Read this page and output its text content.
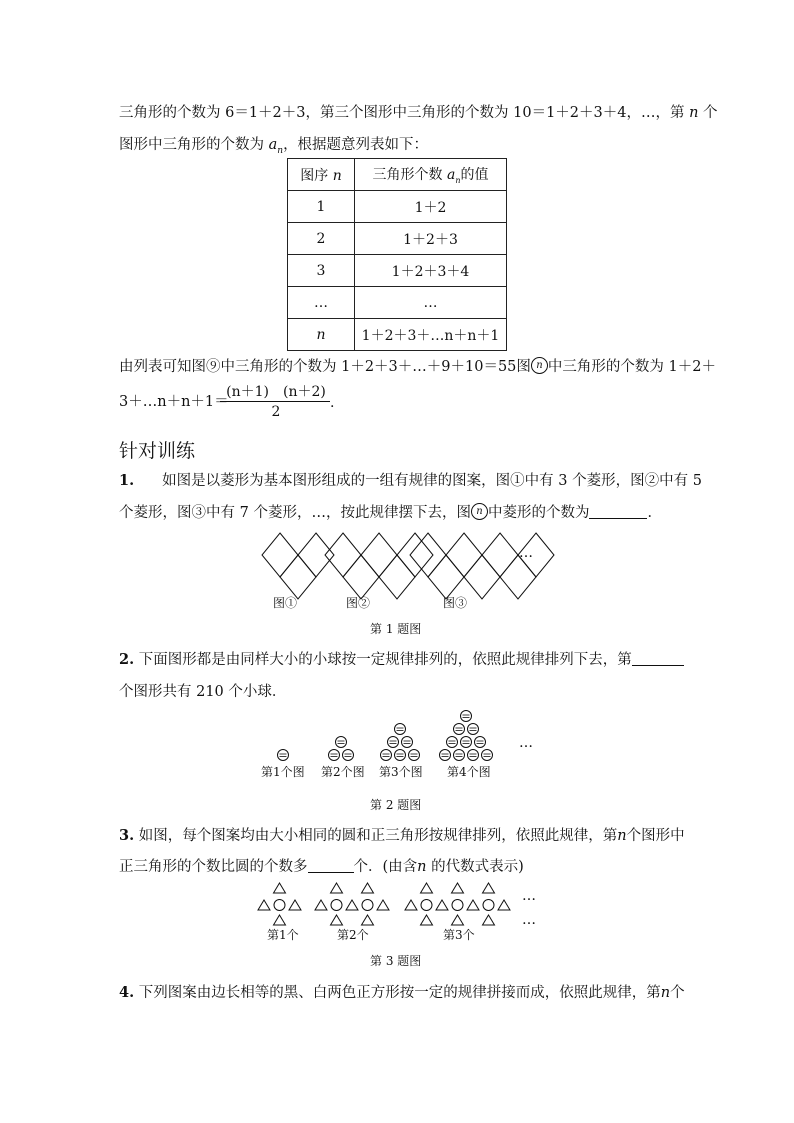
三角形的个数为 6＝1＋2＋3，第三个图形中三角形的个数为 10＝1＋2＋3＋4，…，第 n 个
图形中三角形的个数为 $a_n$，根据题意列表如下：
图序 n	三角形个数 $a_n$的值
1	1＋2
2	1＋2＋3
3	1＋2＋3＋4
…	…
n	1＋2＋3＋…n＋n＋1
由列表可知图⑨中三角形的个数为 1＋2＋3＋…＋9＋10＝55图 n 中三角形的个数为 1＋2＋
3＋…n＋n＋1＝
(n＋1)　(n＋2)
2
.
针对训练
1. 如图是以菱形为基本图形组成的一组有规律的图案，图①中有 3 个菱形，图②中有 5
个菱形，图③中有 7 个菱形，…，按此规律摆下去，图 n 中菱形的个数为	．
图①	图②	图③
…
第 1 题图
2. 下面图形都是由同样大小的小球按一定规律排列的，依照此规律排列下去，第
个图形共有 210 个小球．
第1个图 第2个图 第3个图 第4个图
…
第 2 题图
3. 如图，每个图案均由大小相同的圆和正三角形按规律排列，依照此规律，第n个图形中
正三角形的个数比圆的个数多	个．(由含n 的代数式表示)
第1个	第2个	第3个
…
…
第 3 题图
4. 下列图案由边长相等的黑、白两色正方形按一定的规律拼接而成，依照此规律，第n个
